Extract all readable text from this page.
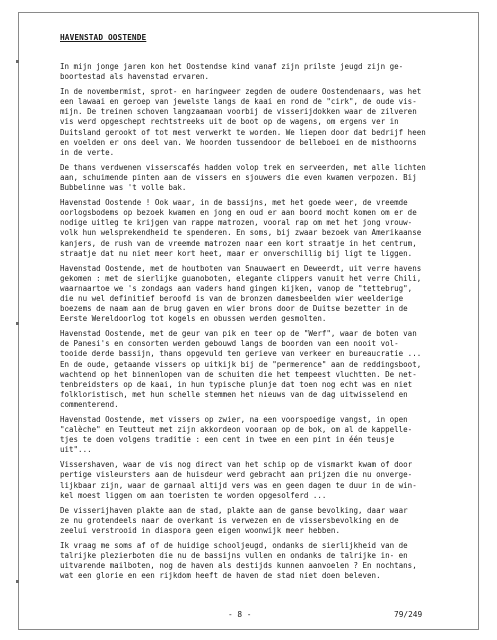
HAVENSTAD OOSTENDE

In mijn jonge jaren kon het Oostendse kind vanaf zijn prilste jeugd zijn ge-
boortestad als havenstad ervaren.

In de novembermist, sprot- en haringweer zegden de oudere Oostendenaars, was het
een lawaai en geroep van jewelste langs de kaai en rond de "cirk", de oude vis-
mijn. De treinen schoven langzaamaan voorbij de visserijdokken waar de zilveren
vis werd opgeschept rechtstreeks uit de boot op de wagens, om ergens ver in
Duitsland gerookt of tot mest verwerkt te worden. We liepen door dat bedrijf heen
en voelden er ons deel van. We hoorden tussendoor de belleboei en de misthoorns
in de verte.

De thans verdwenen visserscafés hadden volop trek en serveerden, met alle lichten
aan, schuimende pinten aan de vissers en sjouwers die even kwamen verpozen. Bij
Bubbelinne was 't volle bak.

Havenstad Oostende ! Ook waar, in de bassijns, met het goede weer, de vreemde
oorlogsbodems op bezoek kwamen en jong en oud er aan boord mocht komen om er de
nodige uitleg te krijgen van rappe matrozen, vooral rap om met het jong vrouw-
volk hun welsprekendheid te spenderen. En soms, bij zwaar bezoek van Amerikaanse
kanjers, de rush van de vreemde matrozen naar een kort straatje in het centrum,
straatje dat nu niet meer kort heet, maar er onverschillig bij ligt te liggen.

Havenstad Oostende, met de houtboten van Snauwaert en Deweerdt, uit verre havens
gekomen : met de sierlijke guanoboten, elegante clippers vanuit het verre Chili,
waarnaartoe we 's zondags aan vaders hand gingen kijken, vanop de "tettebrug",
die nu wel definitief beroofd is van de bronzen damesbeelden wier weelderige
boezems de naam aan de brug gaven en wier brons door de Duitse bezetter in de
Eerste Wereldoorlog tot kogels en obussen werden gesmolten.

Havenstad Oostende, met de geur van pik en teer op de "Werf", waar de boten van
de Panesi's en consorten werden gebouwd langs de boorden van een nooit vol-
tooide derde bassijn, thans opgevuld ten gerieve van verkeer en bureaucratie ...
En de oude, getaande vissers op uitkijk bij de "permerence" aan de reddingsboot,
wachtend op het binnenlopen van de schuiten die het tempeest vluchtten. De net-
tenbreidsters op de kaai, in hun typische plunje dat toen nog echt was en niet
folkloristisch, met hun schelle stemmen het nieuws van de dag uitwisselend en
commenterend.

Havenstad Oostende, met vissers op zwier, na een voorspoedige vangst, in open
"calèche" en Teutteut met zijn akkordeon vooraan op de bok, om al de kappelle-
tjes te doen volgens traditie : een cent in twee en een pint in één teusje
uit"...

Vissershaven, waar de vis nog direct van het schip op de vismarkt kwam of door
pertige visleursters aan de huisdeur werd gebracht aan prijzen die nu onverge-
lijkbaar zijn, waar de garnaal altijd vers was en geen dagen te duur in de win-
kel moest liggen om aan toeristen te worden opgesolferd ...

De visserijhaven plakte aan de stad, plakte aan de ganse bevolking, daar waar
ze nu grotendeels naar de overkant is verwezen en de vissersbevolking en de
zeelui verstrooid in diaspora geen eigen woonwijk meer hebben.

Ik vraag me soms af of de huidige schooljeugd, ondanks de sierlijkheid van de
talrijke plezierboten die nu de bassijns vullen en ondanks de talrijke in- en
uitvarende mailboten, nog de haven als destijds kunnen aanvoelen ? En nochtans,
wat een glorie en een rijkdom heeft de haven de stad niet doen beleven.

- 8 -	79/249
